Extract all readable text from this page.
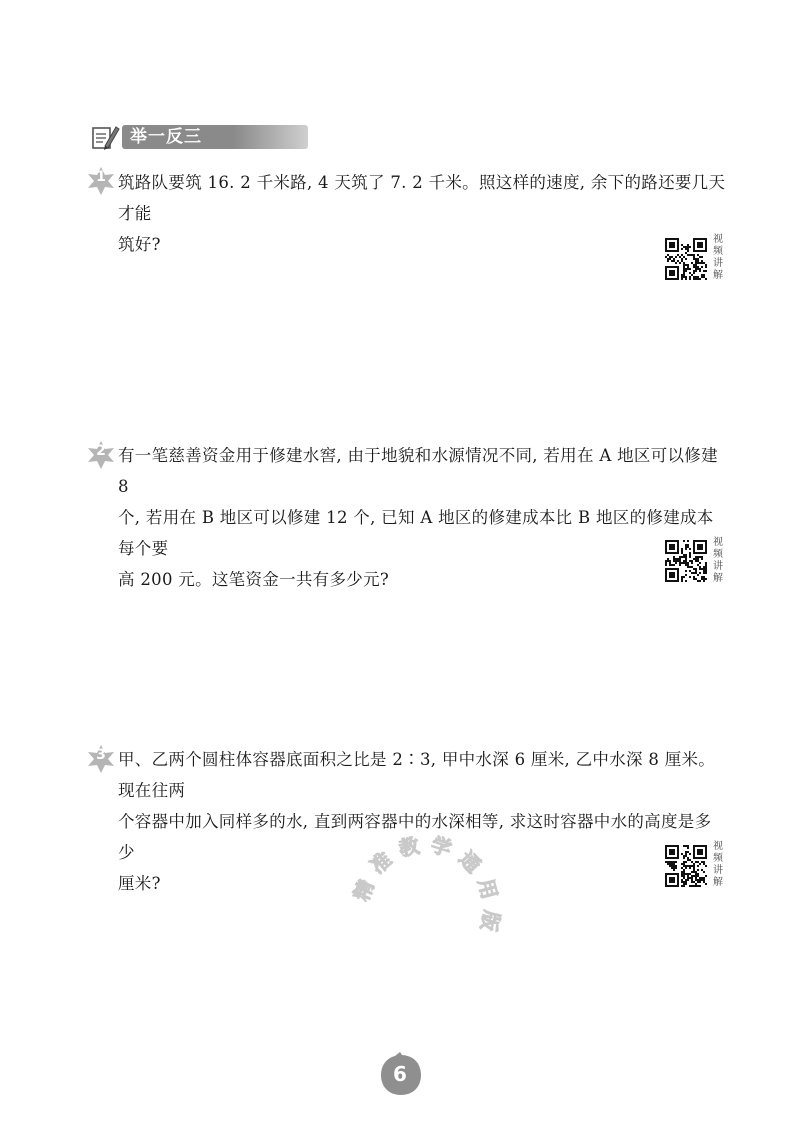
举一反三
1 筑路队要筑 16. 2 千米路, 4 天筑了 7. 2 千米。照这样的速度, 余下的路还要几天才能
筑好?
2 有一笔慈善资金用于修建水窖, 由于地貌和水源情况不同, 若用在 A 地区可以修建 8
个, 若用在 B 地区可以修建 12 个, 已知 A 地区的修建成本比 B 地区的修建成本每个要
高 200 元。这笔资金一共有多少元?
3 甲、乙两个圆柱体容器底面积之比是 2∶3, 甲中水深 6 厘米, 乙中水深 8 厘米。现在往两
个容器中加入同样多的水, 直到两容器中的水深相等, 求这时容器中水的高度是多少
厘米?
视
频
讲
解
视
频
讲
解
视
频
讲
解
精准教学通用版
6
